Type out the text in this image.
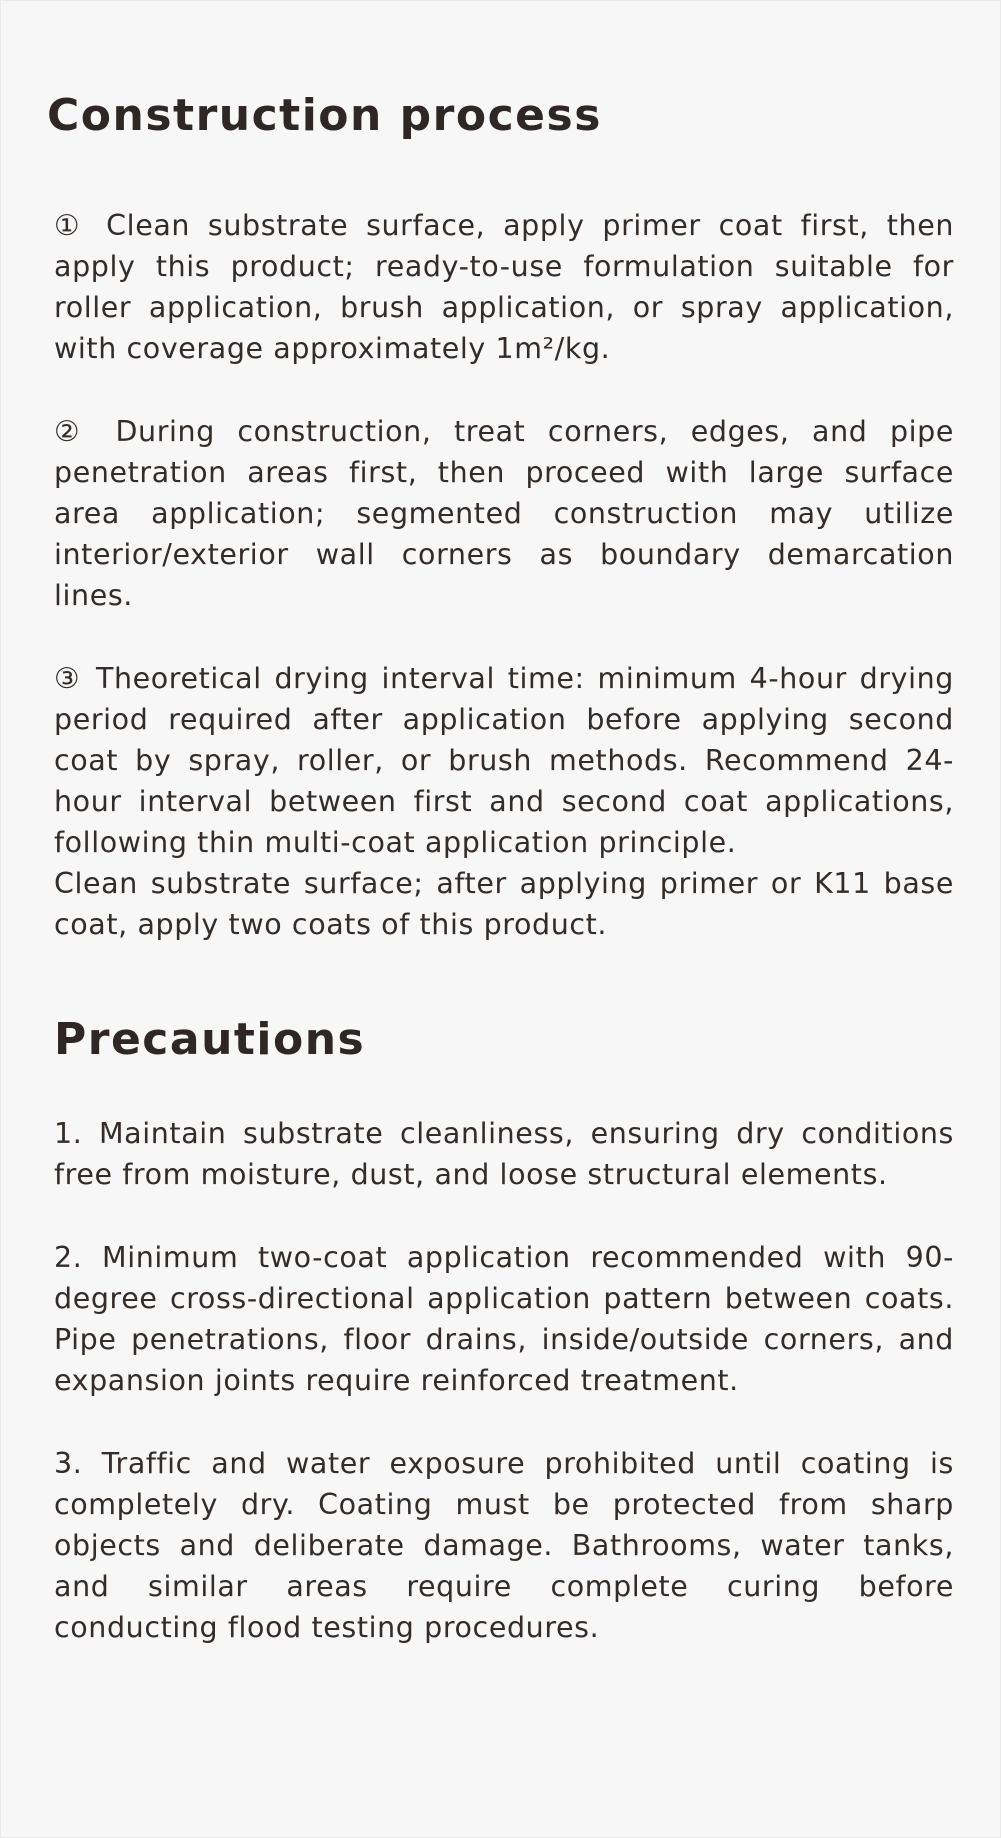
Construction process

① Clean substrate surface, apply primer coat first, then apply this product; ready-to-use formulation suitable for roller application, brush application, or spray application, with coverage approximately 1m²/kg.

② During construction, treat corners, edges, and pipe penetration areas first, then proceed with large surface area application; segmented construction may utilize interior/exterior wall corners as boundary demarcation lines.

③ Theoretical drying interval time: minimum 4-hour drying period required after application before applying second coat by spray, roller, or brush methods. Recommend 24-hour interval between first and second coat applications, following thin multi-coat application principle.

Clean substrate surface; after applying primer or K11 base coat, apply two coats of this product.

Precautions

1. Maintain substrate cleanliness, ensuring dry conditions free from moisture, dust, and loose structural elements.

2. Minimum two-coat application recommended with 90-degree cross-directional application pattern between coats. Pipe penetrations, floor drains, inside/outside corners, and expansion joints require reinforced treatment.

3. Traffic and water exposure prohibited until coating is completely dry. Coating must be protected from sharp objects and deliberate damage. Bathrooms, water tanks, and similar areas require complete curing before conducting flood testing procedures.
